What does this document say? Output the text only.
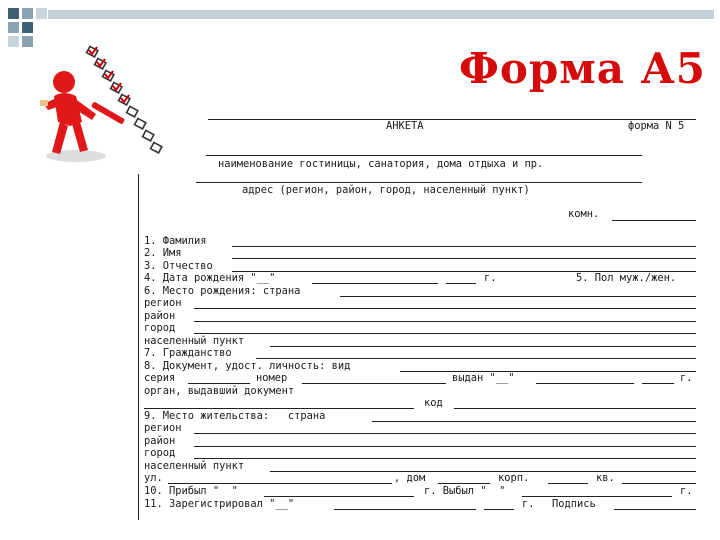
Форма А5
АНКЕТА	форма N 5
наименование гостиницы, санатория, дома отдыха и пр.
адрес (регион, район, город, населенный пункт)
комн.
1. Фамилия
2. Имя
3. Отчество
4. Дата рождения "__"	г.	5. Пол муж./жен.
6. Место рождения: страна
регион
район
город
населенный пункт
7. Гражданство
8. Документ, удост. личность: вид
серия	номер	выдан "__"	г.
орган, выдавший документ
код
9. Место жительства:   страна
регион
район
город
населенный пункт
ул.	, дом	корп.	кв.
10. Прибыл "  "	г. Выбыл "  "	г.
11. Зарегистрировал "__"	г. Подпись
